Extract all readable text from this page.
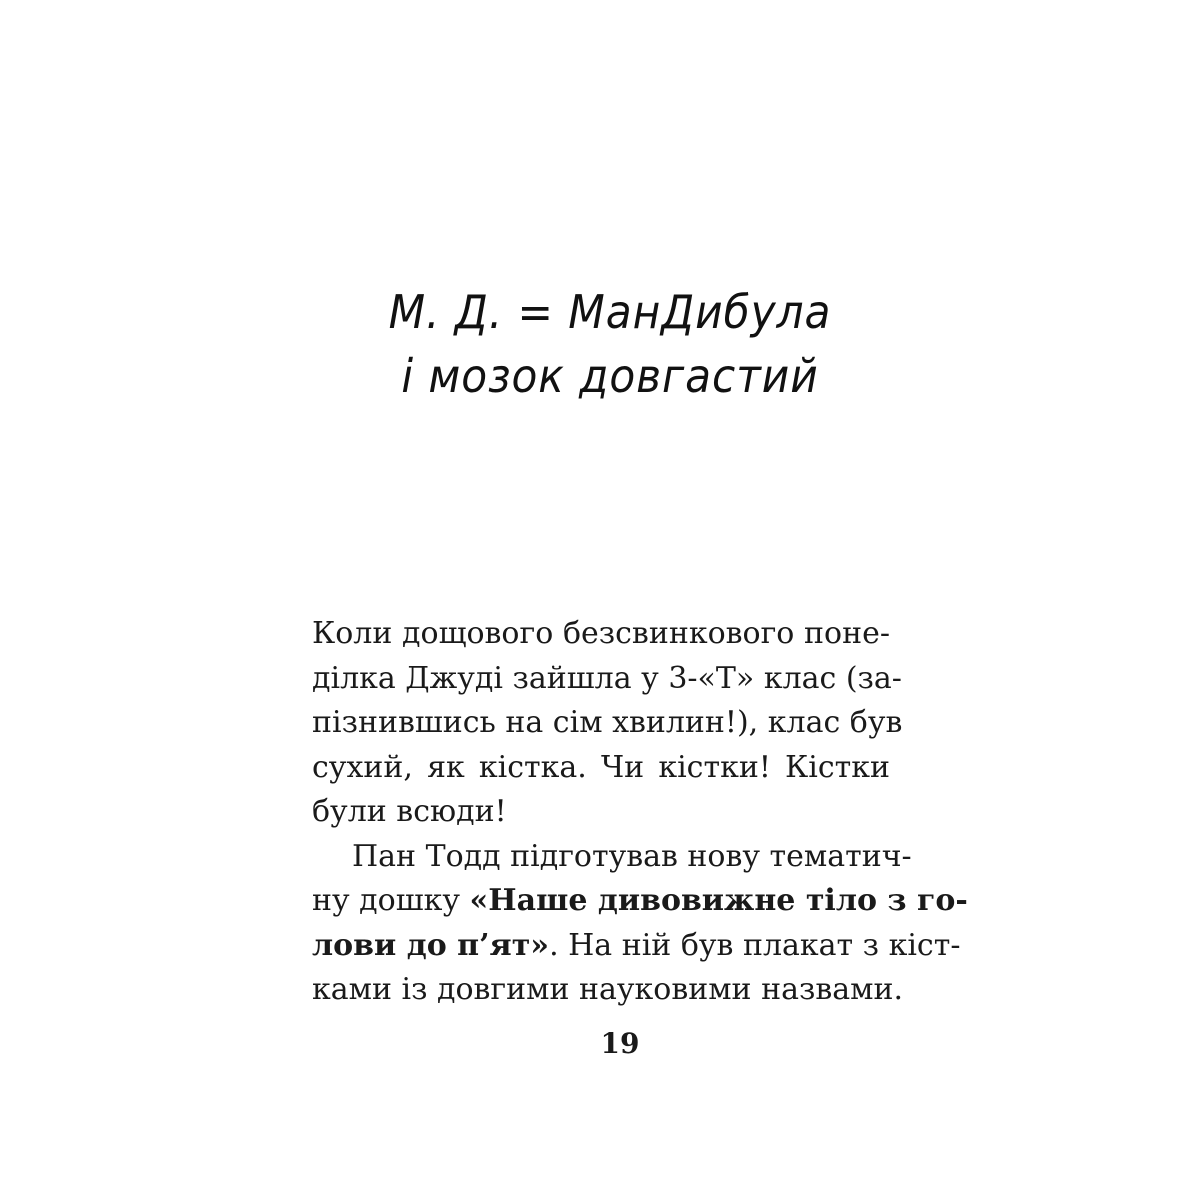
М. Д. = МанДибула
і мозок довгастий

Коли дощового безсвинкового поне-
ділка Джуді зайшла у 3-«Т» клас (за-
пізнившись на сім хвилин!), клас був
сухий, як кістка. Чи кістки! Кістки
були всюди!

Пан Тодд підготував нову тематич-
ну дошку «Наше дивовижне тіло з го-
лови до п’ят». На ній був плакат з кіст-
ками із довгими науковими назвами.

19
